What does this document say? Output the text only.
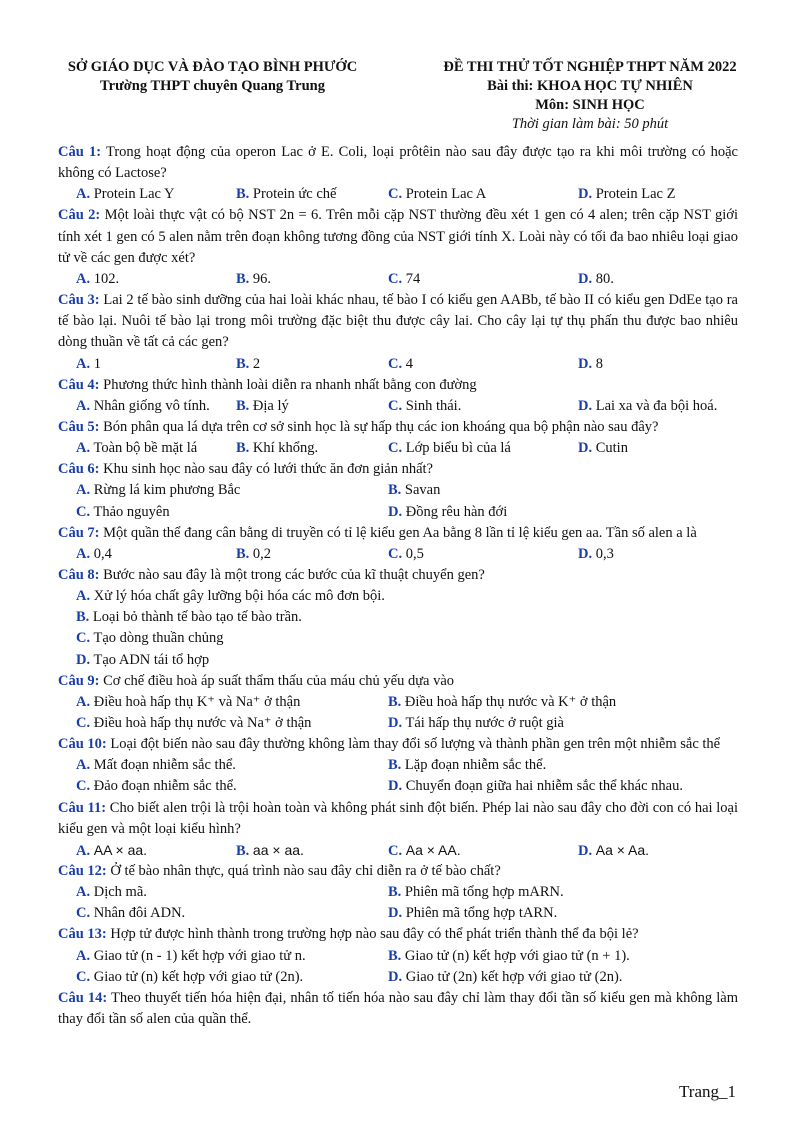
SỞ GIÁO DỤC VÀ ĐÀO TẠO BÌNH PHƯỚC
Trường THPT chuyên Quang Trung
ĐỀ THI THỬ TỐT NGHIỆP THPT NĂM 2022
Bài thi: KHOA HỌC TỰ NHIÊN
Môn: SINH HỌC
Thời gian làm bài: 50 phút
Câu 1: Trong hoạt động của operon Lac ở E. Coli, loại prôtêin nào sau đây được tạo ra khi môi trường có hoặc không có Lactose?
A. Protein Lac Y	B. Protein ức chế	C. Protein Lac A	D. Protein Lac Z
Câu 2: Một loài thực vật có bộ NST 2n = 6. Trên mỗi cặp NST thường đều xét 1 gen có 4 alen; trên cặp NST giới tính xét 1 gen có 5 alen nằm trên đoạn không tương đồng của NST giới tính X. Loài này có tối đa bao nhiêu loại giao tử về các gen được xét?
A. 102.	B. 96.	C. 74	D. 80.
Câu 3: Lai 2 tế bào sinh dưỡng của hai loài khác nhau, tế bào I có kiểu gen AABb, tế bào II có kiểu gen DdEe tạo ra tế bào lại. Nuôi tế bào lại trong môi trường đặc biệt thu được cây lai. Cho cây lại tự thụ phấn thu được bao nhiêu dòng thuần về tất cả các gen?
A. 1	B. 2	C. 4	D. 8
Câu 4: Phương thức hình thành loài diễn ra nhanh nhất bằng con đường
A. Nhân giống vô tính. B. Địa lý	C. Sinh thái.	D. Lai xa và đa bội hoá.
Câu 5: Bón phân qua lá dựa trên cơ sở sinh học là sự hấp thụ các ion khoáng qua bộ phận nào sau đây?
A. Toàn bộ bề mặt lá	B. Khí khổng.	C. Lớp biểu bì của lá	D. Cutin
Câu 6: Khu sinh học nào sau đây có lưới thức ăn đơn giản nhất?
A. Rừng lá kim phương Bắc	B. Savan
C. Thảo nguyên	D. Đồng rêu hàn đới
Câu 7: Một quần thể đang cân bằng di truyền có tỉ lệ kiểu gen Aa bằng 8 lần tỉ lệ kiểu gen aa. Tần số alen a là
A. 0,4	B. 0,2	C. 0,5	D. 0,3
Câu 8: Bước nào sau đây là một trong các bước của kĩ thuật chuyển gen?
A. Xử lý hóa chất gây lưỡng bội hóa các mô đơn bội.
B. Loại bỏ thành tế bào tạo tế bào trần.
C. Tạo dòng thuần chủng
D. Tạo ADN tái tổ hợp
Câu 9: Cơ chế điều hoà áp suất thẩm thấu của máu chủ yếu dựa vào
A. Điều hoà hấp thụ K⁺ và Na⁺ ở thận	B. Điều hoà hấp thụ nước và K⁺ ở thận
C. Điều hoà hấp thụ nước và Na⁺ ở thận	D. Tái hấp thụ nước ở ruột già
Câu 10: Loại đột biến nào sau đây thường không làm thay đổi số lượng và thành phần gen trên một nhiễm sắc thể
A. Mất đoạn nhiễm sắc thể.	B. Lặp đoạn nhiễm sắc thể.
C. Đảo đoạn nhiễm sắc thể.	D. Chuyển đoạn giữa hai nhiễm sắc thể khác nhau.
Câu 11: Cho biết alen trội là trội hoàn toàn và không phát sinh đột biến. Phép lai nào sau đây cho đời con có hai loại kiểu gen và một loại kiểu hình?
A. AA × aa.	B. aa × aa.	C. Aa × AA.	D. Aa × Aa.
Câu 12: Ở tế bào nhân thực, quá trình nào sau đây chỉ diễn ra ở tế bào chất?
A. Dịch mã.	B. Phiên mã tổng hợp mARN.
C. Nhân đôi ADN.	D. Phiên mã tổng hợp tARN.
Câu 13: Hợp tử được hình thành trong trường hợp nào sau đây có thể phát triển thành thể đa bội lẻ?
A. Giao tử (n - 1) kết hợp với giao tử n.	B. Giao tử (n) kết hợp với giao tử (n + 1).
C. Giao tử (n) kết hợp với giao tử (2n).	D. Giao tử (2n) kết hợp với giao tử (2n).
Câu 14: Theo thuyết tiến hóa hiện đại, nhân tố tiến hóa nào sau đây chỉ làm thay đổi tần số kiểu gen mà không làm thay đổi tần số alen của quần thể.
Trang_1
